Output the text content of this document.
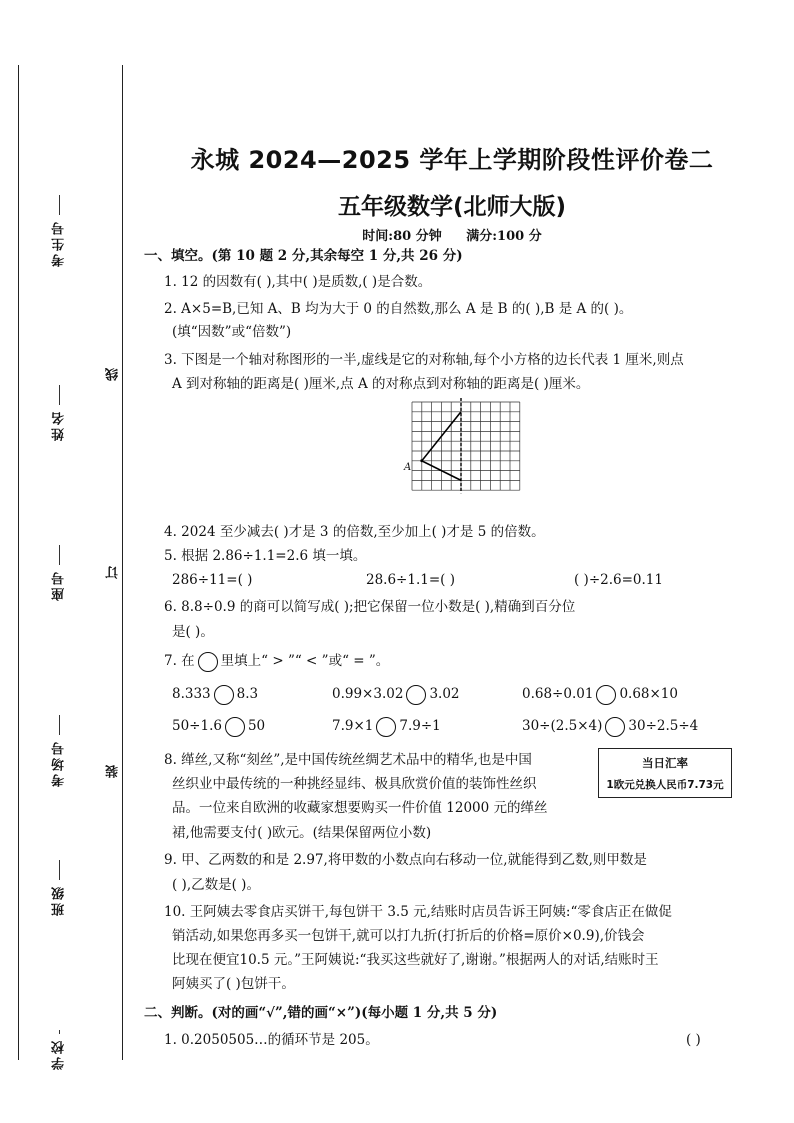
考生号
姓名
座号
考场号
班级
学校
线
订
装
永城 2024—2025 学年上学期阶段性评价卷二
五年级数学(北师大版)
时间:80 分钟 满分:100 分
一、填空。(第 10 题 2 分,其余每空 1 分,共 26 分)
1. 12 的因数有( ),其中( )是质数,( )是合数。
2. A×5=B,已知 A、B 均为大于 0 的自然数,那么 A 是 B 的( ),B 是 A 的( )。
(填“因数”或“倍数”)
3. 下图是一个轴对称图形的一半,虚线是它的对称轴,每个小方格的边长代表 1 厘米,则点
A 到对称轴的距离是( )厘米,点 A 的对称点到对称轴的距离是( )厘米。
A
4. 2024 至少减去( )才是 3 的倍数,至少加上( )才是 5 的倍数。
5. 根据 2.86÷1.1=2.6 填一填。
286÷11=( )	28.6÷1.1=( )	( )÷2.6=0.11
6. 8.8÷0.9 的商可以简写成( );把它保留一位小数是( ),精确到百分位
是( )。
7. 在 里填上“ > ”“ < ”或“ = ”。
8.333 8.3	0.99×3.02 3.02	0.68÷0.01 0.68×10
50÷1.6 50	7.9×1 7.9÷1	30÷(2.5×4) 30÷2.5÷4
8. 缂丝,又称“刻丝”,是中国传统丝绸艺术品中的精华,也是中国
丝织业中最传统的一种挑经显纬、极具欣赏价值的装饰性丝织
品。一位来自欧洲的收藏家想要购买一件价值 12000 元的缂丝
裙,他需要支付( )欧元。(结果保留两位小数)
当日汇率
1欧元兑换人民币7.73元
9. 甲、乙两数的和是 2.97,将甲数的小数点向右移动一位,就能得到乙数,则甲数是
( ),乙数是( )。
10. 王阿姨去零食店买饼干,每包饼干 3.5 元,结账时店员告诉王阿姨:“零食店正在做促
销活动,如果您再多买一包饼干,就可以打九折(打折后的价格=原价×0.9),价钱会
比现在便宜10.5 元。”王阿姨说:“我买这些就好了,谢谢。”根据两人的对话,结账时王
阿姨买了( )包饼干。
二、判断。(对的画“√”,错的画“×”)(每小题 1 分,共 5 分)
1. 0.2050505…的循环节是 205。	( )
